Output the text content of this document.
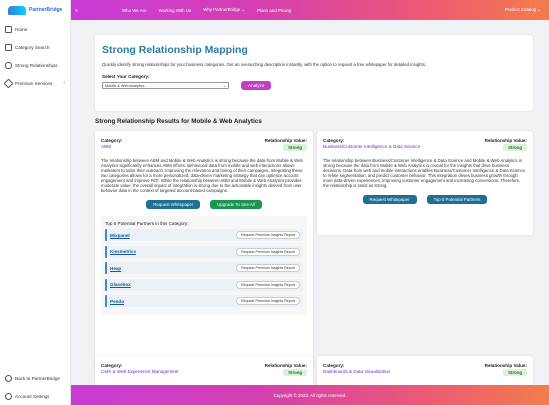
PartnerBridge
Home
Category Search
Strong Relationships
Premium Services ‹
Back to PartnerBridge
Account Settings
≡	Who We Are	Working With Us	Why PartnerBridge ⌄	Plans and Pricing	Product Catalog ⌄
Strong Relationship Mapping
Quickly identify strong relationships for your business categories. Get an overarching description instantly, with the option to request a free whitepaper for detailed insights.
Select Your Category:
Mobile & Web Analytics	⌄	Analyze
Strong Relationship Results for Mobile & Web Analytics
Category:
ABM
Relationship Value:
Strong
The relationship between ABM and Mobile & Web Analytics is strong because the data from Mobile & Web Analytics significantly enhances ABM efforts. Behavioral data from mobile and web interactions allows marketers to tailor their outreach, improving the relevance and timing of their campaigns. Integrating these two categories allows for a more personalized, data-driven marketing strategy that can optimize account engagement and improve ROI. While the relationship between ABM and Mobile & Web Analytics provides moderate value, the overall impact of integration is strong due to the actionable insights derived from user behavior data in the context of targeted account-based campaigns.
Request Whitepaper	Upgrade To See All
Top 5 Potential Partners in this Category:
Mixpanel	Request Premium Insights Report
Kissmetrics	Request Premium Insights Report
Heap	Request Premium Insights Report
Glassbox	Request Premium Insights Report
Pendo	Request Premium Insights Report
Category:
Business/Customer Intelligence & Data Science
Relationship Value:
Strong
The relationship between Business/Customer Intelligence & Data Science and Mobile & Web Analytics is strong because the data from Mobile & Web Analytics is crucial for the insights that drive business decisions. Data from web and mobile interactions enables Business/Customer Intelligence & Data Science to refine segmentation, and predict customer behavior. This integration drives business growth through more data-driven experiences, improving customer engagement and increasing conversions. Therefore, the relationship is rated as strong.
Request Whitepaper	Top 5 Potential Partners
Category:
CMS & Web Experience Management
Relationship Value:
Strong
Category:
Dashboards & Data Visualization
Relationship Value:
Strong
Copyright © 2023. All rights reserved.
